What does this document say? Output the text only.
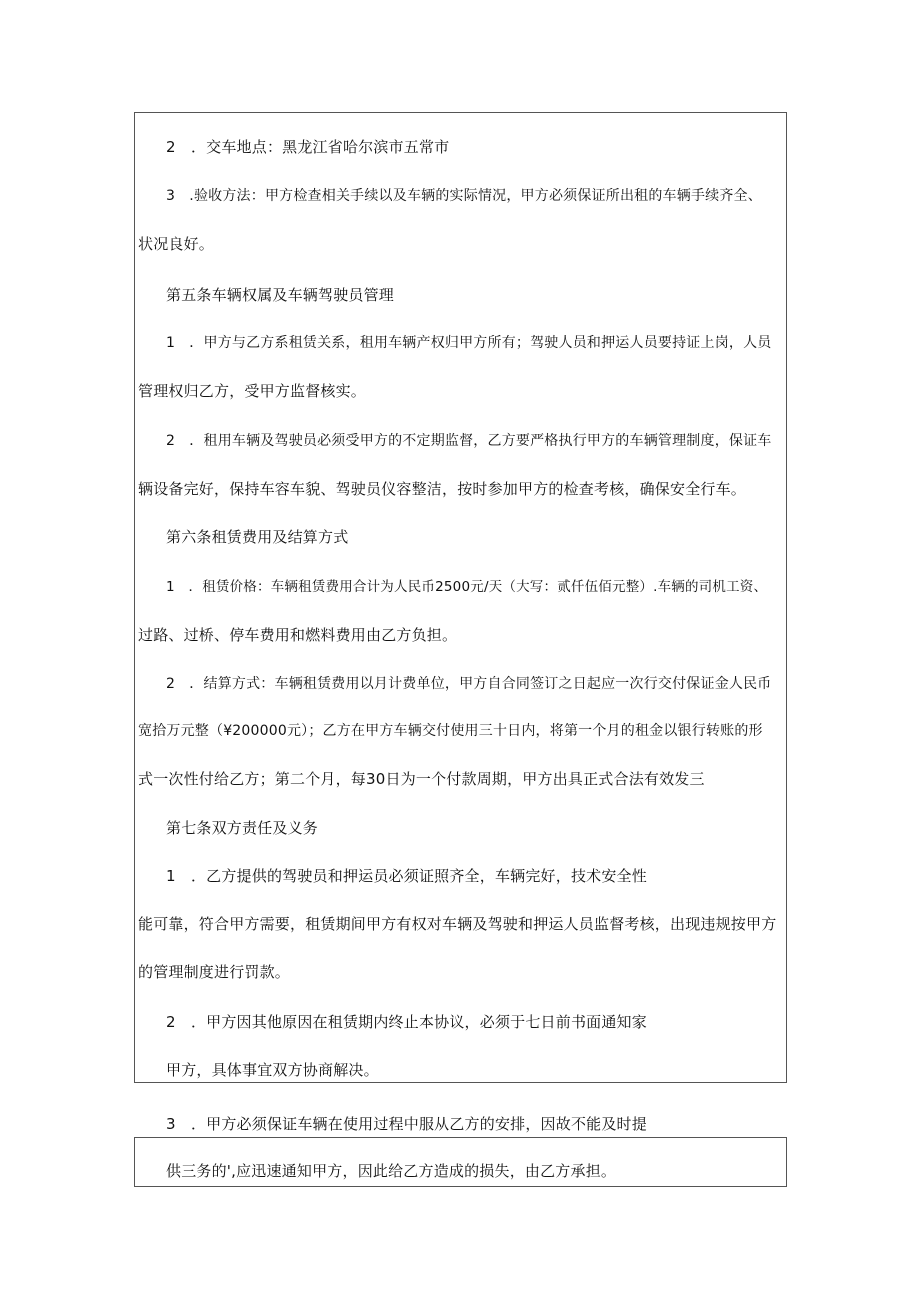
2　．交车地点：黑龙江省哈尔滨市五常市
3　.验收方法：甲方检查相关手续以及车辆的实际情况，甲方必须保证所出租的车辆手续齐全、
状况良好。
第五条车辆权属及车辆驾驶员管理
1　．甲方与乙方系租赁关系，租用车辆产权归甲方所有；驾驶人员和押运人员要持证上岗，人员
管理权归乙方，受甲方监督核实。
2　．租用车辆及驾驶员必须受甲方的不定期监督，乙方要严格执行甲方的车辆管理制度，保证车
辆设备完好，保持车容车貌、驾驶员仪容整洁，按时参加甲方的检查考核，确保安全行车。
第六条租赁费用及结算方式
1　．租赁价格：车辆租赁费用合计为人民币2500元/天（大写：贰仟伍佰元整）.车辆的司机工资、
过路、过桥、停车费用和燃料费用由乙方负担。
2　．结算方式：车辆租赁费用以月计费单位，甲方自合同签订之日起应一次行交付保证金人民币
宽拾万元整（¥200000元）；乙方在甲方车辆交付使用三十日内，将第一个月的租金以银行转账的形
式一次性付给乙方；第二个月，每30日为一个付款周期，甲方出具正式合法有效发三
第七条双方责任及义务
1　．乙方提供的驾驶员和押运员必须证照齐全，车辆完好，技术安全性
能可靠，符合甲方需要，租赁期间甲方有权对车辆及驾驶和押运人员监督考核，出现违规按甲方
的管理制度进行罚款。
2　．甲方因其他原因在租赁期内终止本协议，必须于七日前书面通知家
甲方，具体事宜双方协商解决。
3　．甲方必须保证车辆在使用过程中服从乙方的安排，因故不能及时提
供三务的',应迅速通知甲方，因此给乙方造成的损失，由乙方承担。
